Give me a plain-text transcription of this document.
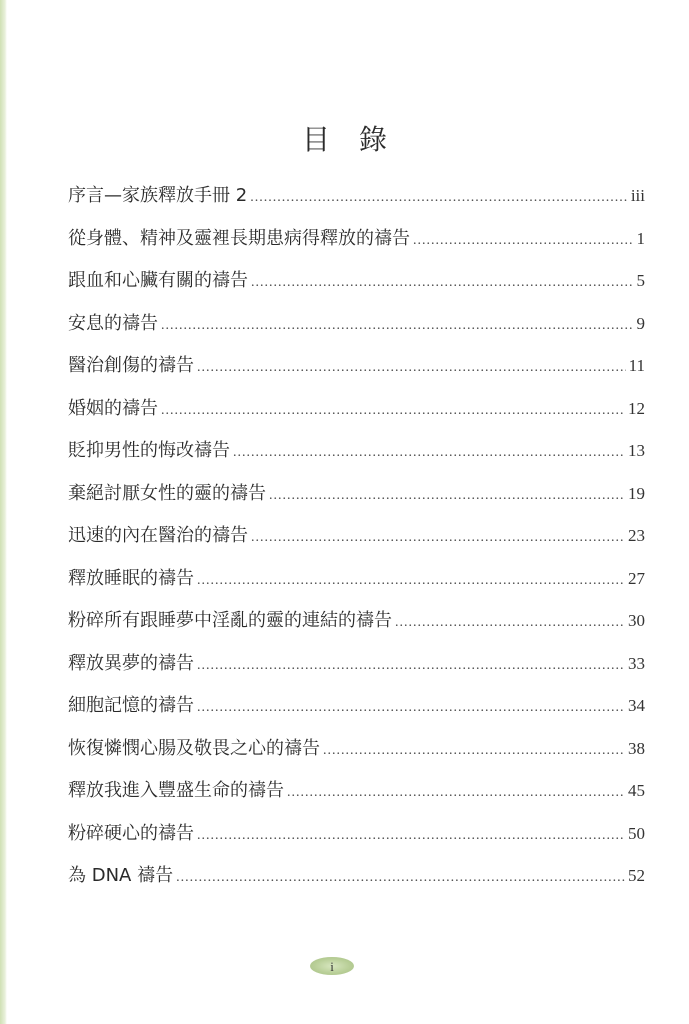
目 錄
序言—家族釋放手冊 2 .....	iii
從身體、精神及靈裡長期患病得釋放的禱告 .....	1
跟血和心臟有關的禱告 .....	5
安息的禱告 .....	9
醫治創傷的禱告 .....	11
婚姻的禱告 .....	12
貶抑男性的悔改禱告 .....	13
棄絕討厭女性的靈的禱告 .....	19
迅速的內在醫治的禱告 .....	23
釋放睡眠的禱告 .....	27
粉碎所有跟睡夢中淫亂的靈的連結的禱告 .....	30
釋放異夢的禱告 .....	33
細胞記憶的禱告 .....	34
恢復憐憫心腸及敬畏之心的禱告 .....	38
釋放我進入豐盛生命的禱告 .....	45
粉碎硬心的禱告 .....	50
為 DNA 禱告 .....	52
i
